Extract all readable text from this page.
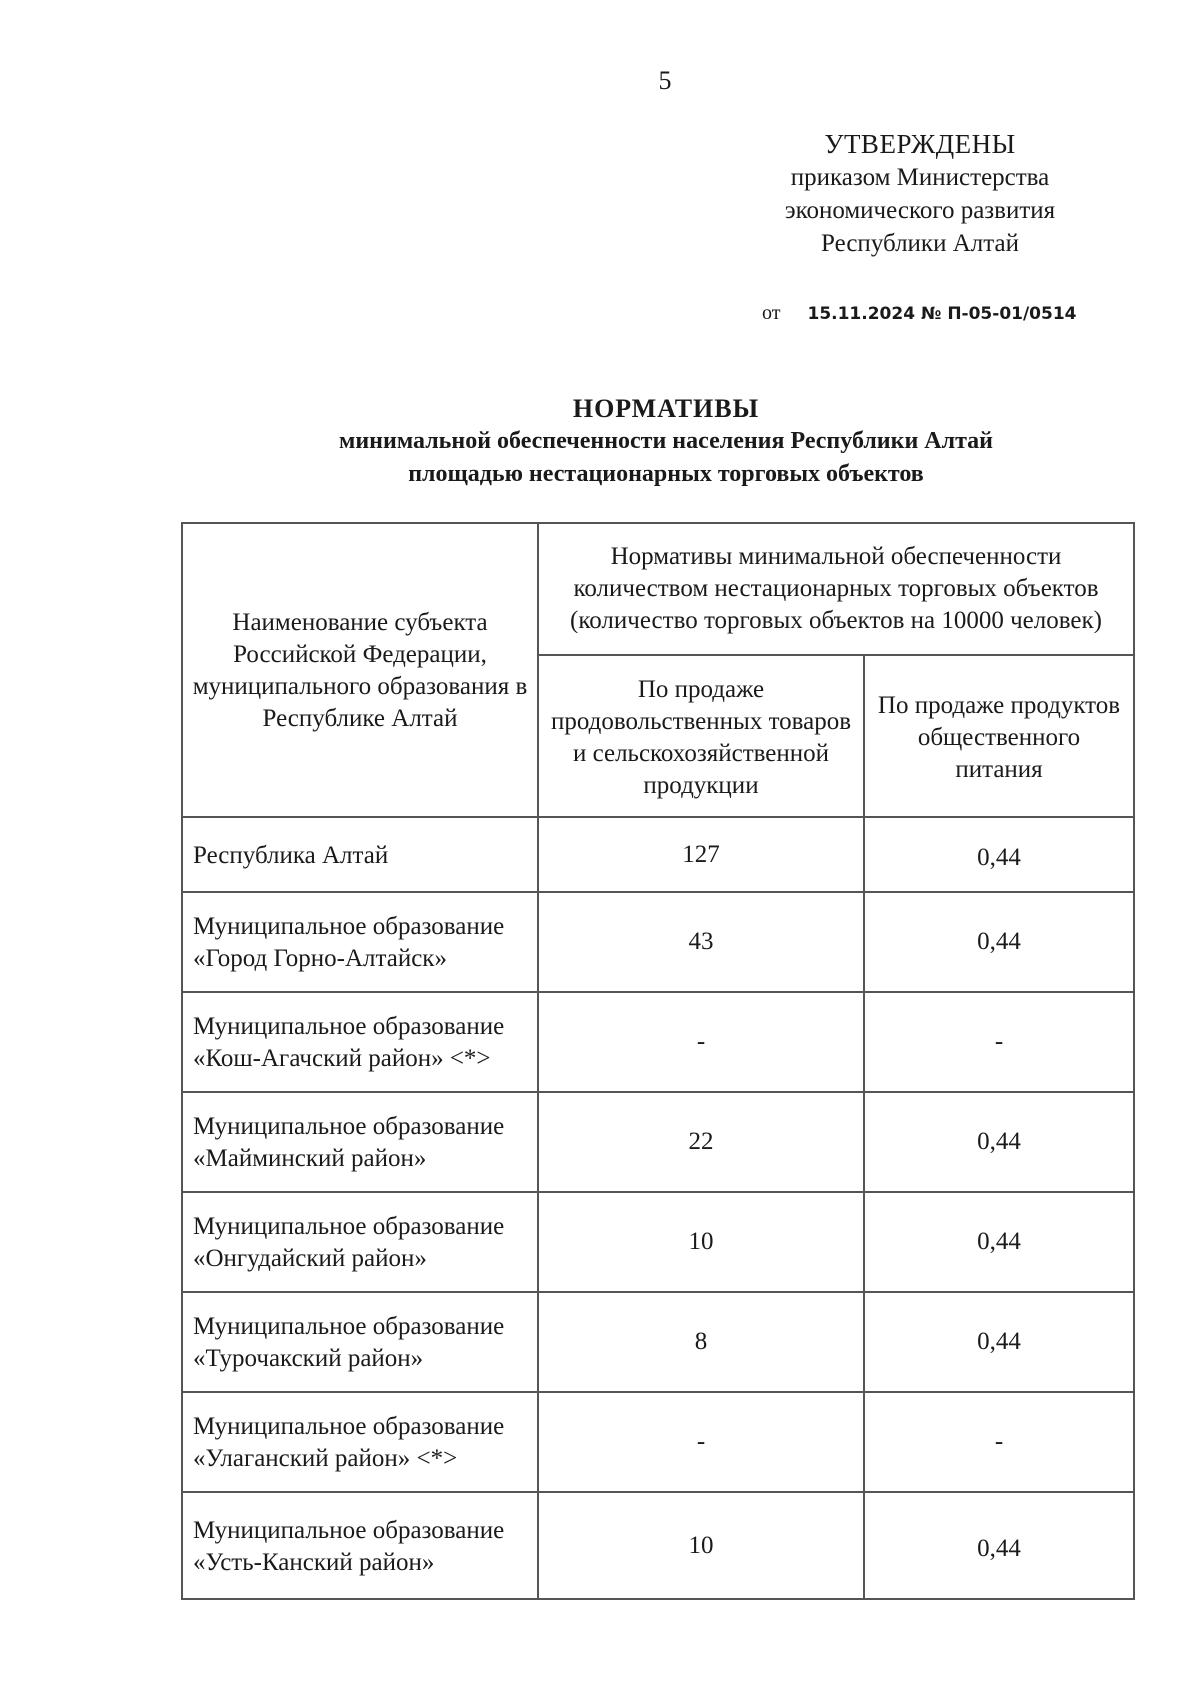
5
УТВЕРЖДЕНЫ
приказом Министерства
экономического развития
Республики Алтай
от 15.11.2024 № П-05-01/0514
НОРМАТИВЫ
минимальной обеспеченности населения Республики Алтай
площадью нестационарных торговых объектов
Наименование субъекта Российской Федерации, муниципального образования в Республике Алтай	Нормативы минимальной обеспеченности количеством нестационарных торговых объектов (количество торговых объектов на 10000 человек)	
	По продаже продовольственных товаров и сельскохозяйственной продукции	По продаже продуктов общественного питания
Республика Алтай	127	0,44
Муниципальное образование «Город Горно-Алтайск»	43	0,44
Муниципальное образование «Кош-Агачский район» <*>	-	-
Муниципальное образование «Майминский район»	22	0,44
Муниципальное образование «Онгудайский район»	10	0,44
Муниципальное образование «Турочакский район»	8	0,44
Муниципальное образование «Улаганский район» <*>	-	-
Муниципальное образование «Усть-Канский район»	10	0,44
